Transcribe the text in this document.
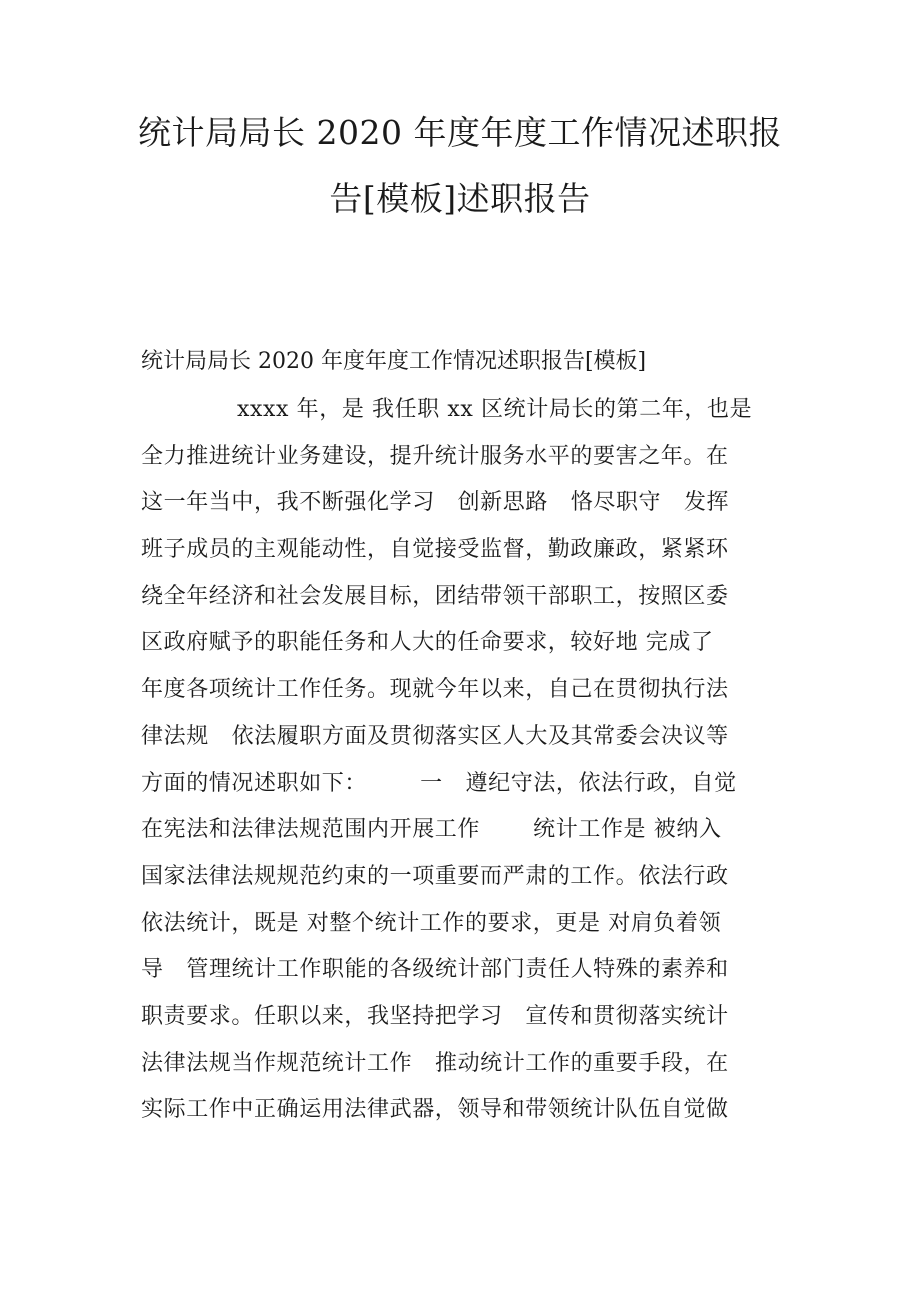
统计局局长 2020 年度年度工作情况述职报
告[模板]述职报告

统计局局长 2020 年度年度工作情况述职报告[模板]

xxxx 年，是 我任职 xx 区统计局长的第二年，也是
全力推进统计业务建设，提升统计服务水平的要害之年。在
这一年当中，我不断强化学习   创新思路   恪尽职守   发挥
班子成员的主观能动性，自觉接受监督，勤政廉政，紧紧环
绕全年经济和社会发展目标，团结带领干部职工，按照区委
区政府赋予的职能任务和人大的任命要求，较好地 完成了
年度各项统计工作任务。现就今年以来，自己在贯彻执行法
律法规   依法履职方面及贯彻落实区人大及其常委会决议等
方面的情况述职如下：       一   遵纪守法，依法行政，自觉
在宪法和法律法规范围内开展工作       统计工作是 被纳入
国家法律法规规范约束的一项重要而严肃的工作。依法行政
依法统计，既是 对整个统计工作的要求，更是 对肩负着领
导   管理统计工作职能的各级统计部门责任人特殊的素养和
职责要求。任职以来，我坚持把学习   宣传和贯彻落实统计
法律法规当作规范统计工作   推动统计工作的重要手段，在
实际工作中正确运用法律武器，领导和带领统计队伍自觉做
